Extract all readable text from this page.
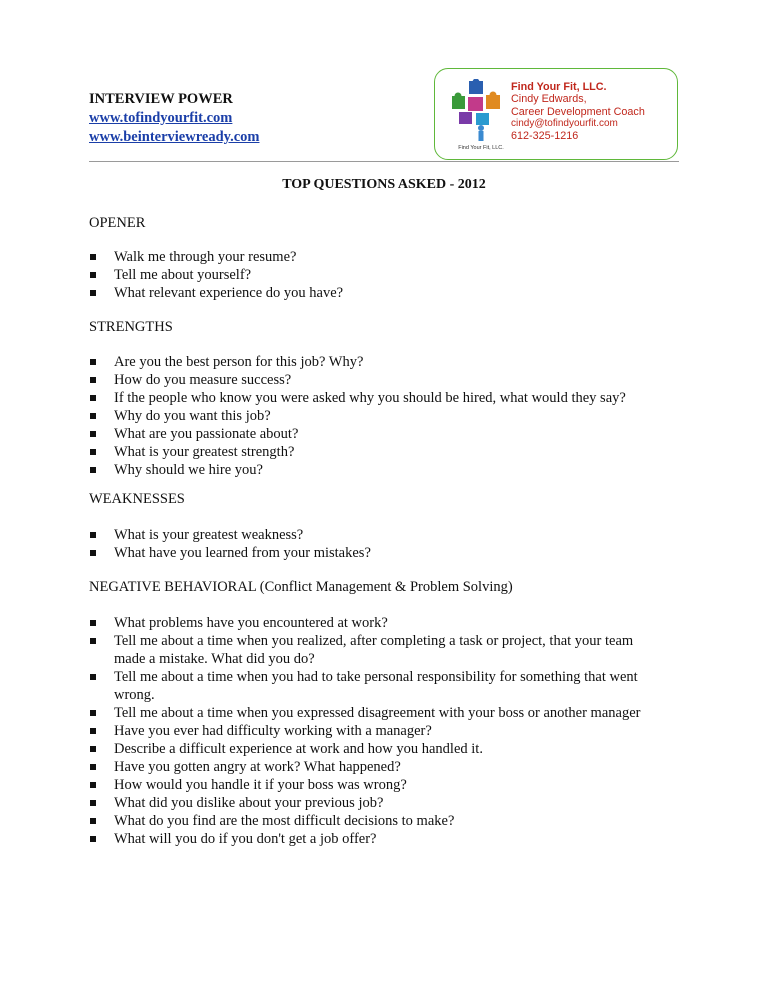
INTERVIEW POWER
www.tofindyourfit.com
www.beinterviewready.com
Find Your Fit, LLC.
Find Your Fit, LLC.
Cindy Edwards,
Career Development Coach
cindy@tofindyourfit.com
612-325-1216
TOP QUESTIONS ASKED - 2012
OPENER
Walk me through your resume?
Tell me about yourself?
What relevant experience do you have?
STRENGTHS
Are you the best person for this job? Why?
How do you measure success?
If the people who know you were asked why you should be hired, what would they say?
Why do you want this job?
What are you passionate about?
What is your greatest strength?
Why should we hire you?
WEAKNESSES
What is your greatest weakness?
What have you learned from your mistakes?
NEGATIVE BEHAVIORAL (Conflict Management & Problem Solving)
What problems have you encountered at work?
Tell me about a time when you realized, after completing a task or project, that your team
made a mistake. What did you do?
Tell me about a time when you had to take personal responsibility for something that went
wrong.
Tell me about a time when you expressed disagreement with your boss or another manager
Have you ever had difficulty working with a manager?
Describe a difficult experience at work and how you handled it.
Have you gotten angry at work? What happened?
How would you handle it if your boss was wrong?
What did you dislike about your previous job?
What do you find are the most difficult decisions to make?
What will you do if you don't get a job offer?
